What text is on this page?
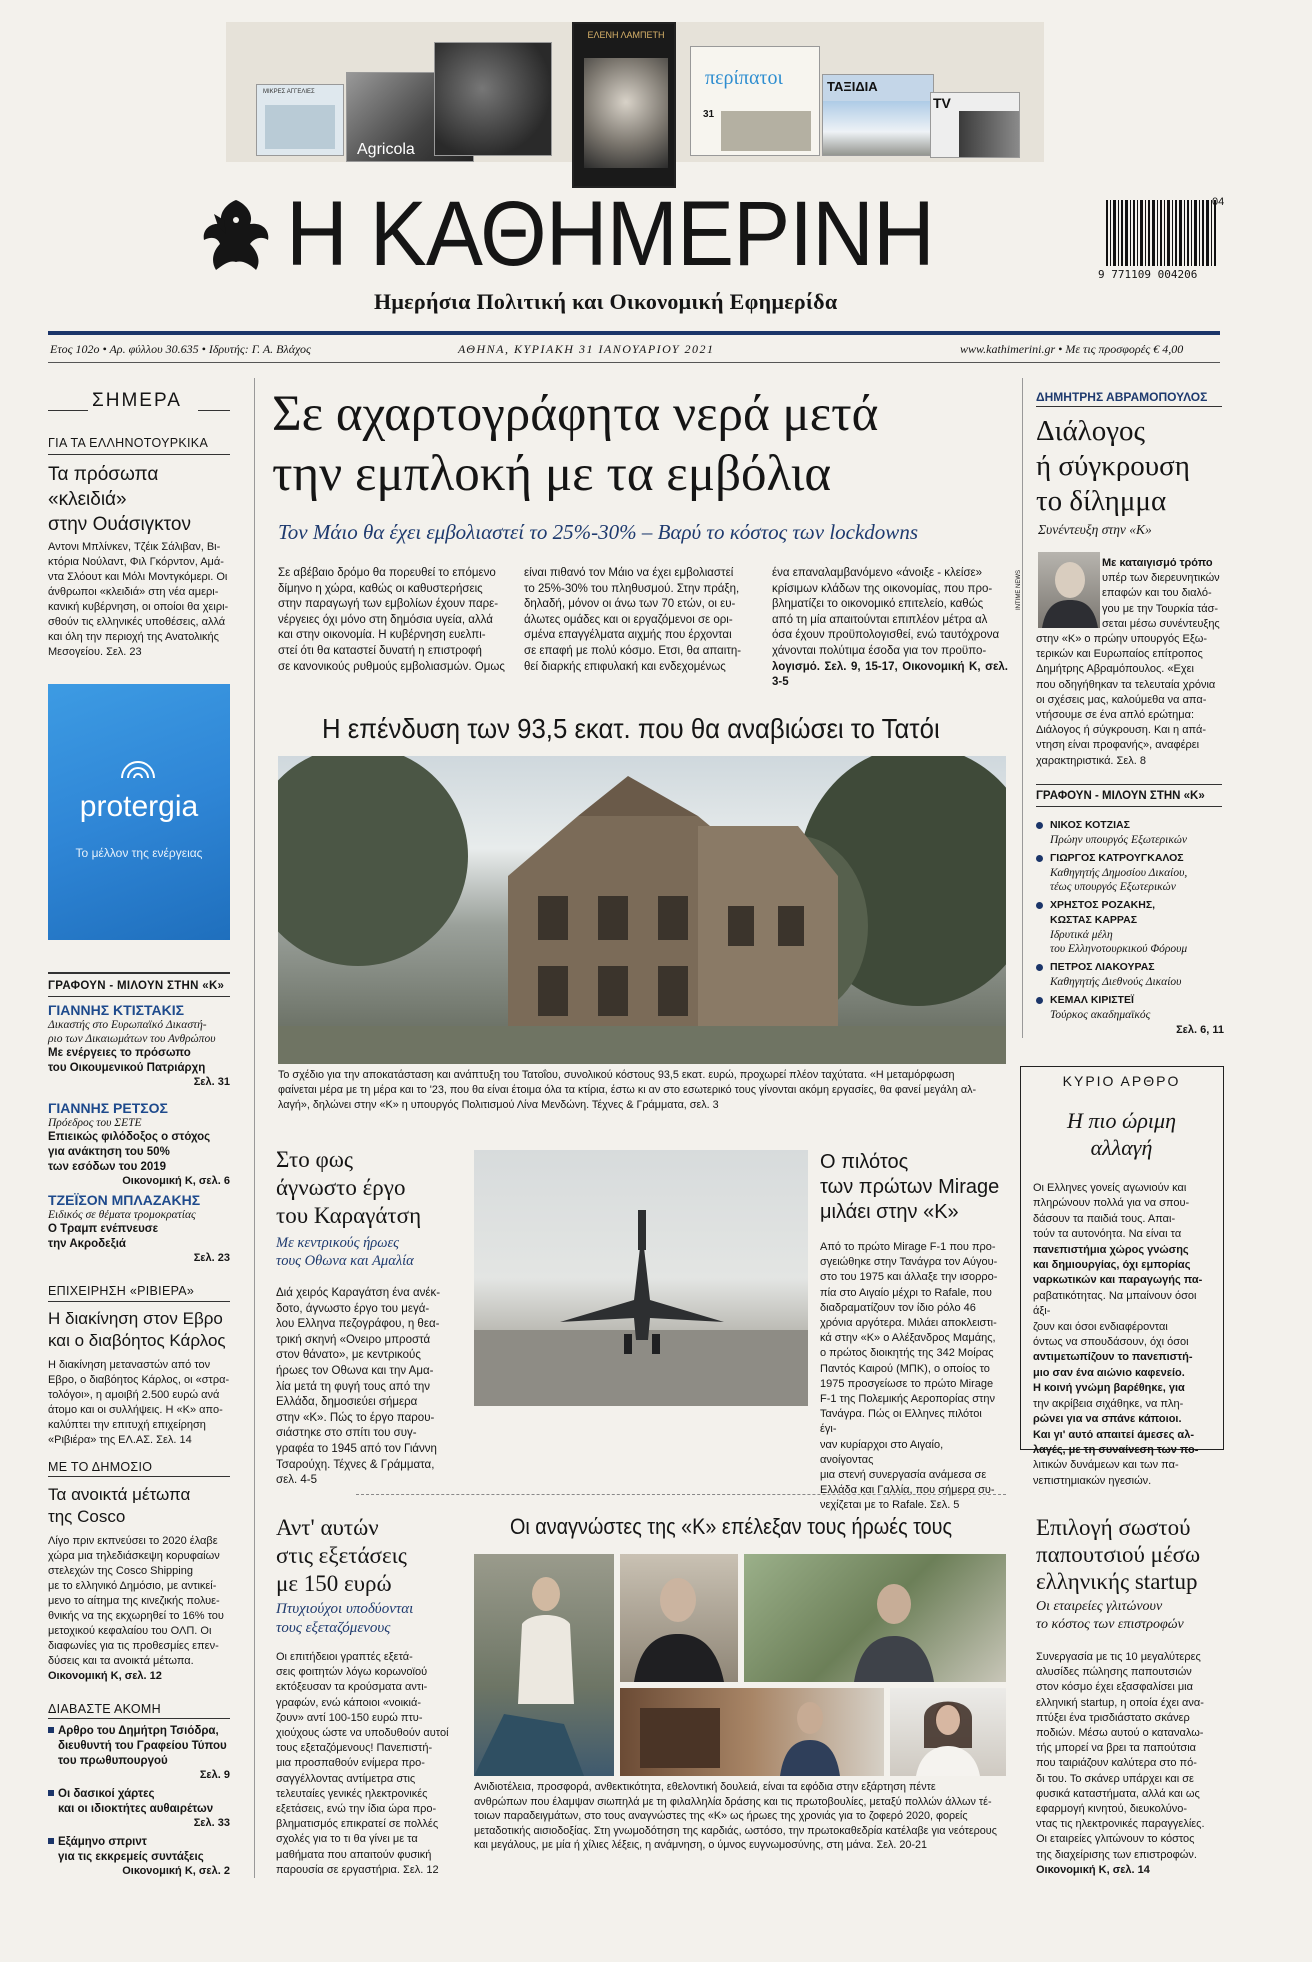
ΜΙΚΡΕΣ ΑΓΓΕΛΙΕΣ
Agricola
ΕΛΕΝΗ ΛΑΜΠΕΤΗ
περίπατοι
31
ΤΑΞΙΔΙΑ
TV
Η ΚΑΘΗΜΕΡΙΝΗ
Ημερήσια Πολιτική και Οικονομική Εφημερίδα
9 771109 004206
04
Ετος 102ο • Αρ. φύλλου 30.635 • Ιδρυτής: Γ. Α. Βλάχος	ΑΘΗΝΑ, ΚΥΡΙΑΚΗ 31 ΙΑΝΟΥΑΡΙΟΥ 2021	www.kathimerini.gr • Με τις προσφορές € 4,00
ΣΗΜΕΡΑ
ΓΙΑ ΤΑ ΕΛΛΗΝΟΤΟΥΡΚΙΚΑ
Τα πρόσωπα
«κλειδιά»
στην Ουάσιγκτον
Αντονι Μπλίνκεν, Τζέικ Σάλιβαν, Βι-
κτόρια Νούλαντ, Φιλ Γκόρντον, Αμά-
ντα Σλόουτ και Μόλι Μοντγκόμερι. Οι
άνθρωποι «κλειδιά» στη νέα αμερι-
κανική κυβέρνηση, οι οποίοι θα χειρι-
σθούν τις ελληνικές υποθέσεις, αλλά
και όλη την περιοχή της Ανατολικής
Μεσογείου. Σελ. 23
protergia
Το μέλλον της ενέργειας
ΓΡΑΦΟΥΝ - ΜΙΛΟΥΝ ΣΤΗΝ «Κ»
ΓΙΑΝΝΗΣ ΚΤΙΣΤΑΚΙΣ
Δικαστής στο Ευρωπαϊκό Δικαστή-
ριο των Δικαιωμάτων του Ανθρώπου
Με ενέργειες το πρόσωπο
του Οικουμενικού Πατριάρχη
Σελ. 31
ΓΙΑΝΝΗΣ ΡΕΤΣΟΣ
Πρόεδρος του ΣΕΤΕ
Επιεικώς φιλόδοξος ο στόχος
για ανάκτηση του 50%
των εσόδων του 2019
Οικονομική Κ, σελ. 6
ΤΖΕΪΣΟΝ ΜΠΛΑΖΑΚΗΣ
Ειδικός σε θέματα τρομοκρατίας
Ο Τραμπ ενέπνευσε
την Ακροδεξιά
Σελ. 23
ΕΠΙΧΕΙΡΗΣΗ «ΡΙΒΙΕΡΑ»
Η διακίνηση στον Εβρο
και ο διαβόητος Κάρλος
Η διακίνηση μεταναστών από τον
Εβρο, ο διαβόητος Κάρλος, οι «στρα-
τολόγοι», η αμοιβή 2.500 ευρώ ανά
άτομο και οι συλλήψεις. Η «Κ» απο-
καλύπτει την επιτυχή επιχείρηση
«Ριβιέρα» της ΕΛ.ΑΣ. Σελ. 14
ΜΕ ΤΟ ΔΗΜΟΣΙΟ
Τα ανοικτά μέτωπα
της Cosco
Λίγο πριν εκπνεύσει το 2020 έλαβε
χώρα μια τηλεδιάσκεψη κορυφαίων
στελεχών της Cosco Shipping
με το ελληνικό Δημόσιο, με αντικεί-
μενο το αίτημα της κινεζικής πολυε-
θνικής να της εκχωρηθεί το 16% του
μετοχικού κεφαλαίου του ΟΛΠ. Οι
διαφωνίες για τις προθεσμίες επεν-
δύσεις και τα ανοικτά μέτωπα.
Οικονομική Κ, σελ. 12
ΔΙΑΒΑΣΤΕ ΑΚΟΜΗ
Αρθρο του Δημήτρη Τσιόδρα,
διευθυντή του Γραφείου Τύπου
του πρωθυπουργού
Σελ. 9
Οι δασικοί χάρτες
και οι ιδιοκτήτες αυθαιρέτων
Σελ. 33
Εξάμηνο σπριντ
για τις εκκρεμείς συντάξεις
Οικονομική Κ, σελ. 2
Σε αχαρτογράφητα νερά μετά
την εμπλοκή με τα εμβόλια
Τον Μάιο θα έχει εμβολιαστεί το 25%-30% – Βαρύ το κόστος των lockdowns
Σε αβέβαιο δρόμο θα πορευθεί το επόμενο
δίμηνο η χώρα, καθώς οι καθυστερήσεις
στην παραγωγή των εμβολίων έχουν παρε-
νέργειες όχι μόνο στη δημόσια υγεία, αλλά
και στην οικονομία. Η κυβέρνηση ευελπι-
στεί ότι θα καταστεί δυνατή η επιστροφή
σε κανονικούς ρυθμούς εμβολιασμών. Ομως
είναι πιθανό τον Μάιο να έχει εμβολιαστεί
το 25%-30% του πληθυσμού. Στην πράξη,
δηλαδή, μόνον οι άνω των 70 ετών, οι ευ-
άλωτες ομάδες και οι εργαζόμενοι σε ορι-
σμένα επαγγέλματα αιχμής που έρχονται
σε επαφή με πολύ κόσμο. Ετσι, θα απαιτη-
θεί διαρκής επιφυλακή και ενδεχομένως
ένα επαναλαμβανόμενο «άνοιξε - κλείσε»
κρίσιμων κλάδων της οικονομίας, που προ-
βληματίζει το οικονομικό επιτελείο, καθώς
από τη μία απαιτούνται επιπλέον μέτρα αλ
όσα έχουν προϋπολογισθεί, ενώ ταυτόχρονα
χάνονται πολύτιμα έσοδα για τον προϋπο-
λογισμό. Σελ. 9, 15-17, Οικονομική Κ, σελ. 3-5
Η επένδυση των 93,5 εκατ. που θα αναβιώσει το Τατόι
Το σχέδιο για την αποκατάσταση και ανάπτυξη του Τατοΐου, συνολικού κόστους 93,5 εκατ. ευρώ, προχωρεί πλέον ταχύτατα. «Η μεταμόρφωση
φαίνεται μέρα με τη μέρα και το '23, που θα είναι έτοιμα όλα τα κτίρια, έστω κι αν στο εσωτερικό τους γίνονται ακόμη εργασίες, θα φανεί μεγάλη αλ-
λαγή», δηλώνει στην «Κ» η υπουργός Πολιτισμού Λίνα Μενδώνη. Τέχνες & Γράμματα, σελ. 3
Στο φως
άγνωστο έργο
του Καραγάτση
Με κεντρικούς ήρωες
τους Οθωνα και Αμαλία
Διά χειρός Καραγάτση ένα ανέκ-
δοτο, άγνωστο έργο του μεγά-
λου Ελληνα πεζογράφου, η θεα-
τρική σκηνή «Ονειρο μπροστά
στον θάνατο», με κεντρικούς
ήρωες τον Οθωνα και την Αμα-
λία μετά τη φυγή τους από την
Ελλάδα, δημοσιεύει σήμερα
στην «Κ». Πώς το έργο παρου-
σιάστηκε στο σπίτι του συγ-
γραφέα το 1945 από τον Γιάννη
Τσαρούχη. Τέχνες & Γράμματα,
σελ. 4-5
Ο πιλότος
των πρώτων Mirage
μιλάει στην «Κ»
Από το πρώτο Mirage F-1 που προ-
σγειώθηκε στην Τανάγρα τον Αύγου-
στο του 1975 και άλλαξε την ισορρο-
πία στο Αιγαίο μέχρι το Rafale, που
διαδραματίζουν τον ίδιο ρόλο 46
χρόνια αργότερα. Μιλάει αποκλειστι-
κά στην «Κ» ο Αλέξανδρος Μαμάης,
ο πρώτος διοικητής της 342 Μοίρας
Παντός Καιρού (ΜΠΚ), ο οποίος το
1975 προσγείωσε το πρώτο Mirage
F-1 της Πολεμικής Αεροπορίας στην
Τανάγρα. Πώς οι Ελληνες πιλότοι έγι-
ναν κυρίαρχοι στο Αιγαίο, ανοίγοντας
μια στενή συνεργασία ανάμεσα σε
Ελλάδα και Γαλλία, που σήμερα συ-
νεχίζεται με το Rafale. Σελ. 5
ΔΗΜΗΤΡΗΣ ΑΒΡΑΜΟΠΟΥΛΟΣ
Διάλογος
ή σύγκρουση
το δίλημμα
Συνέντευξη στην «Κ»
INTIME NEWS
Με καταιγισμό τρόπο
υπέρ των διερευνητικών
επαφών και του διαλό-
γου με την Τουρκία τάσ-
σεται μέσω συνέντευξης
στην «Κ» ο πρώην υπουργός Εξω-
τερικών και Ευρωπαίος επίτροπος
Δημήτρης Αβραμόπουλος. «Εχει
που οδηγήθηκαν τα τελευταία χρόνια
οι σχέσεις μας, καλούμεθα να απα-
ντήσουμε σε ένα απλό ερώτημα:
Διάλογος ή σύγκρουση. Και η απά-
ντηση είναι προφανής», αναφέρει
χαρακτηριστικά. Σελ. 8
ΓΡΑΦΟΥΝ - ΜΙΛΟΥΝ ΣΤΗΝ «Κ»
ΝΙΚΟΣ ΚΟΤΖΙΑΣ
Πρώην υπουργός Εξωτερικών
ΓΙΩΡΓΟΣ ΚΑΤΡΟΥΓΚΑΛΟΣ
Καθηγητής Δημοσίου Δικαίου,
τέως υπουργός Εξωτερικών
ΧΡΗΣΤΟΣ ΡΟΖΑΚΗΣ,
ΚΩΣΤΑΣ ΚΑΡΡΑΣ
Ιδρυτικά μέλη
του Ελληνοτουρκικού Φόρουμ
ΠΕΤΡΟΣ ΛΙΑΚΟΥΡΑΣ
Καθηγητής Διεθνούς Δικαίου
ΚΕΜΑΛ ΚΙΡΙΣΤΕΪ
Τούρκος ακαδημαϊκός
Σελ. 6, 11
ΚΥΡΙΟ ΑΡΘΡΟ
Η πιο ώριμη
αλλαγή
Οι Ελληνες γονείς αγωνιούν και
πληρώνουν πολλά για να σπου-
δάσουν τα παιδιά τους. Απαι-
τούν τα αυτονόητα. Να είναι τα
πανεπιστήμια χώρος γνώσης
και δημιουργίας, όχι εμπορίας
ναρκωτικών και παραγωγής πα-
ραβατικότητας. Να μπαίνουν όσοι άξι-
ζουν και όσοι ενδιαφέρονται
όντως να σπουδάσουν, όχι όσοι
αντιμετωπίζουν το πανεπιστή-
μιο σαν ένα αιώνιο καφενείο.
Η κοινή γνώμη βαρέθηκε, για
την ακρίβεια σιχάθηκε, να πλη-
ρώνει για να σπάνε κάποιοι.
Και γι' αυτό απαιτεί άμεσες αλ-
λαγές, με τη συναίνεση των πο-
λιτικών δυνάμεων και των πα-
νεπιστημιακών ηγεσιών.
Αντ' αυτών
στις εξετάσεις
με 150 ευρώ
Πτυχιούχοι υποδύονται
τους εξεταζόμενους
Οι επιτήδειοι γραπτές εξετά-
σεις φοιτητών λόγω κορωνοϊού
εκτόξευσαν τα κρούσματα αντι-
γραφών, ενώ κάποιοι «νοικιά-
ζουν» αντί 100-150 ευρώ πτυ-
χιούχους ώστε να υποδυθούν αυτοί
τους εξεταζόμενους! Πανεπιστή-
μια προσπαθούν ενίμερα προ-
σαγγέλλοντας αντίμετρα στις
τελευταίες γενικές ηλεκτρονικές
εξετάσεις, ενώ την ίδια ώρα προ-
βληματισμός επικρατεί σε πολλές
σχολές για το τι θα γίνει με τα
μαθήματα που απαιτούν φυσική
παρουσία σε εργαστήρια. Σελ. 12
Οι αναγνώστες της «Κ» επέλεξαν τους ήρωές τους
Ανιδιοτέλεια, προσφορά, ανθεκτικότητα, εθελοντική δουλειά, είναι τα εφόδια στην εξάρτηση πέντε
ανθρώπων που έλαμψαν σιωπηλά με τη φιλαλληλία δράσης και τις πρωτοβουλίες, μεταξύ πολλών άλλων τέ-
τοιων παραδειγμάτων, στο τους αναγνώστες της «Κ» ως ήρωες της χρονιάς για το ζοφερό 2020, φορείς
μεταδοτικής αισιοδοξίας. Στη γνωμοδότηση της καρδιάς, ωστόσο, την πρωτοκαθεδρία κατέλαβε για νεότερους
και μεγάλους, με μία ή χίλιες λέξεις, η ανάμνηση, ο ύμνος ευγνωμοσύνης, στη μάνα. Σελ. 20-21
Επιλογή σωστού
παπουτσιού μέσω
ελληνικής startup
Οι εταιρείες γλιτώνουν
το κόστος των επιστροφών
Συνεργασία με τις 10 μεγαλύτερες
αλυσίδες πώλησης παπουτσιών
στον κόσμο έχει εξασφαλίσει μια
ελληνική startup, η οποία έχει ανα-
πτύξει ένα τρισδιάστατο σκάνερ
ποδιών. Μέσω αυτού ο καταναλω-
τής μπορεί να βρει τα παπούτσια
που ταιριάζουν καλύτερα στο πό-
δι του. Το σκάνερ υπάρχει και σε
φυσικά καταστήματα, αλλά και ως
εφαρμογή κινητού, διευκολύνο-
ντας τις ηλεκτρονικές παραγγελίες.
Οι εταιρείες γλιτώνουν το κόστος
της διαχείρισης των επιστροφών.
Οικονομική Κ, σελ. 14
